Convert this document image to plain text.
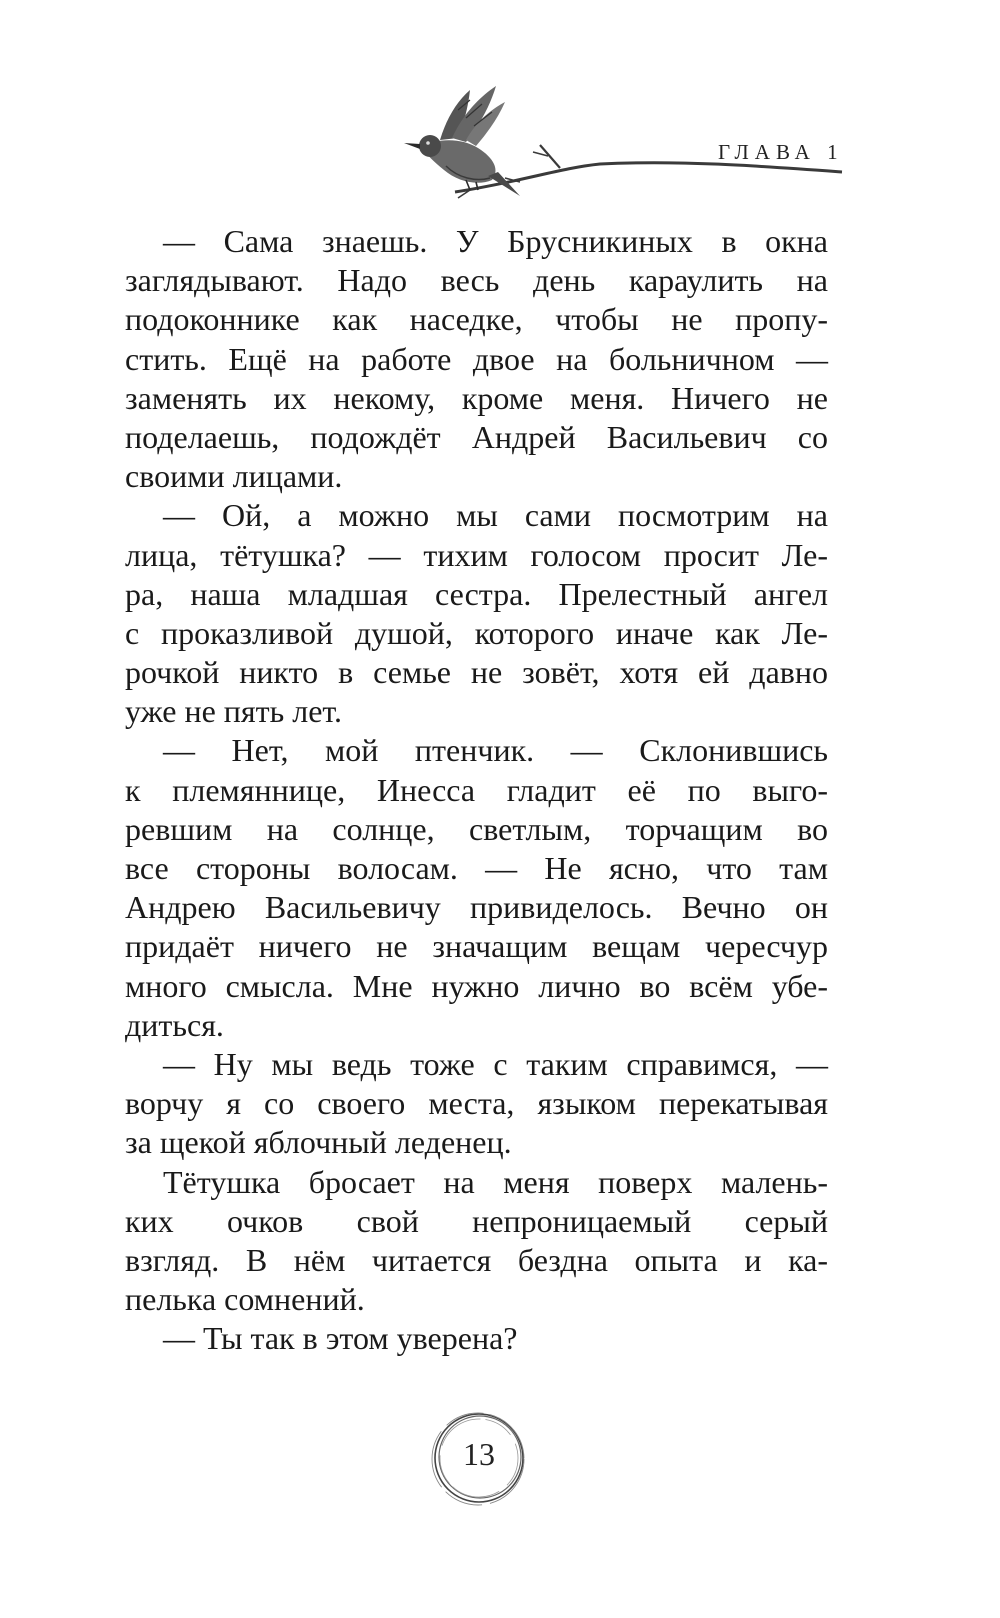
ГЛАВА 1
— Сама знаешь. У Брусникиных в окна
заглядывают. Надо весь день караулить на
подоконнике как наседке, чтобы не пропу-
стить. Ещё на работе двое на больничном —
заменять их некому, кроме меня. Ничего не
поделаешь, подождёт Андрей Васильевич со
своими лицами.
— Ой, а можно мы сами посмотрим на
лица, тётушка? — тихим голосом просит Ле-
ра, наша младшая сестра. Прелестный ангел
с проказливой душой, которого иначе как Ле-
рочкой никто в семье не зовёт, хотя ей давно
уже не пять лет.
— Нет, мой птенчик. — Склонившись
к племяннице, Инесса гладит её по выго-
ревшим на солнце, светлым, торчащим во
все стороны волосам. — Не ясно, что там
Андрею Васильевичу привиделось. Вечно он
придаёт ничего не значащим вещам чересчур
много смысла. Мне нужно лично во всём убе-
диться.
— Ну мы ведь тоже с таким справимся, —
ворчу я со своего места, языком перекатывая
за щекой яблочный леденец.
Тётушка бросает на меня поверх малень-
ких очков свой непроницаемый серый
взгляд. В нём читается бездна опыта и ка-
пелька сомнений.
— Ты так в этом уверена?
13
